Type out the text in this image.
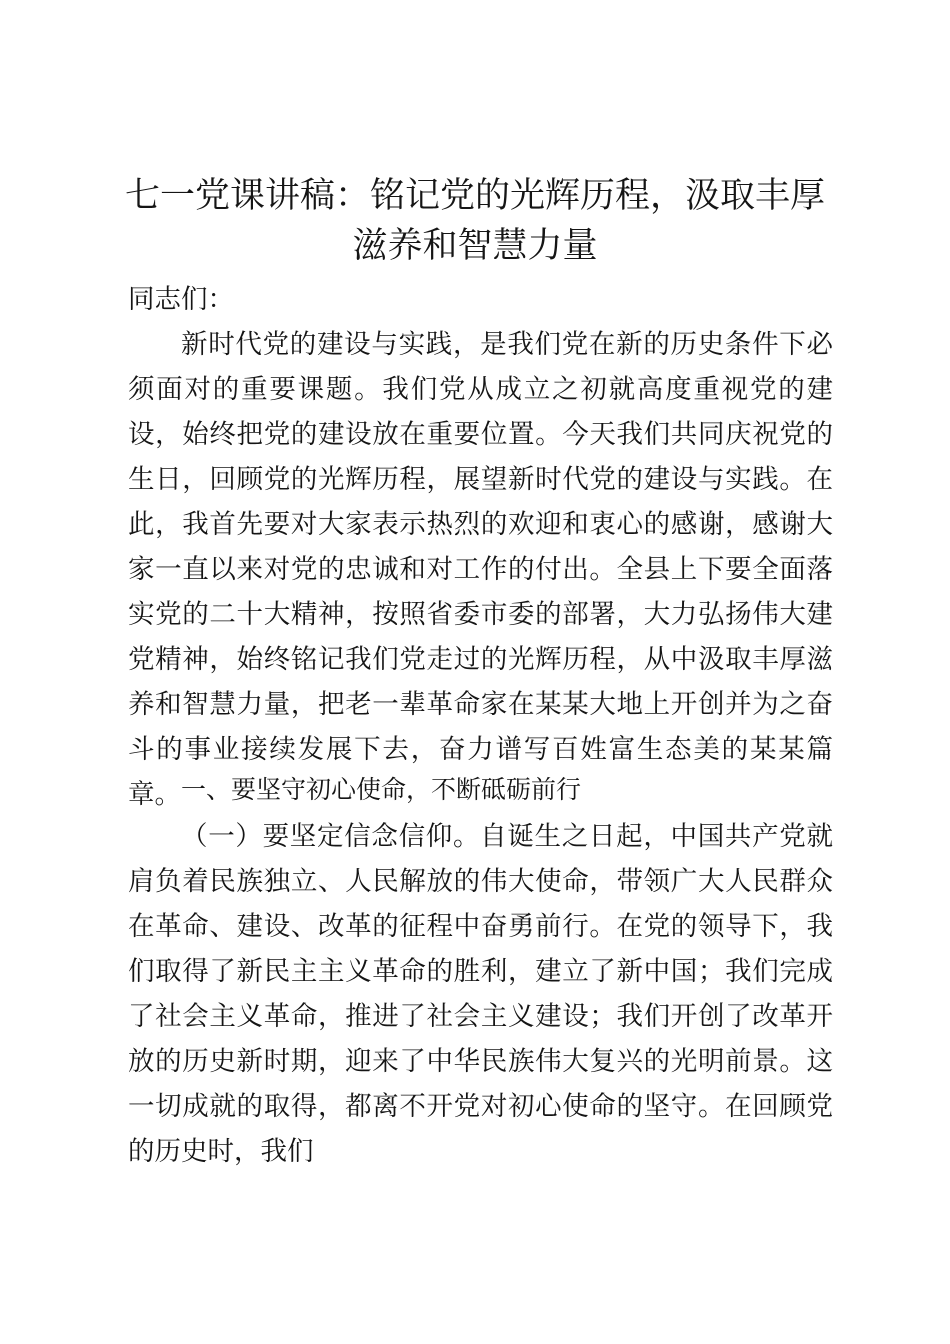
七一党课讲稿：铭记党的光辉历程，汲取丰厚
滋养和智慧力量

同志们：

新时代党的建设与实践，是我们党在新的历史条件下必须面对的重要课题。我们党从成立之初就高度重视党的建设，始终把党的建设放在重要位置。今天我们共同庆祝党的生日，回顾党的光辉历程，展望新时代党的建设与实践。在此，我首先要对大家表示热烈的欢迎和衷心的感谢，感谢大家一直以来对党的忠诚和对工作的付出。全县上下要全面落实党的二十大精神，按照省委市委的部署，大力弘扬伟大建党精神，始终铭记我们党走过的光辉历程，从中汲取丰厚滋养和智慧力量，把老一辈革命家在某某大地上开创并为之奋斗的事业接续发展下去，奋力谱写百姓富生态美的某某篇章。 一、要坚守初心使命，不断砥砺前行

（一）要坚定信念信仰。自诞生之日起，中国共产党就肩负着民族独立、人民解放的伟大使命，带领广大人民群众在革命、建设、改革的征程中奋勇前行。在党的领导下，我们取得了新民主主义革命的胜利，建立了新中国；我们完成了社会主义革命，推进了社会主义建设；我们开创了改革开放的历史新时期，迎来了中华民族伟大复兴的光明前景。这一切成就的取得，都离不开党对初心使命的坚守。在回顾党的历史时，我们
